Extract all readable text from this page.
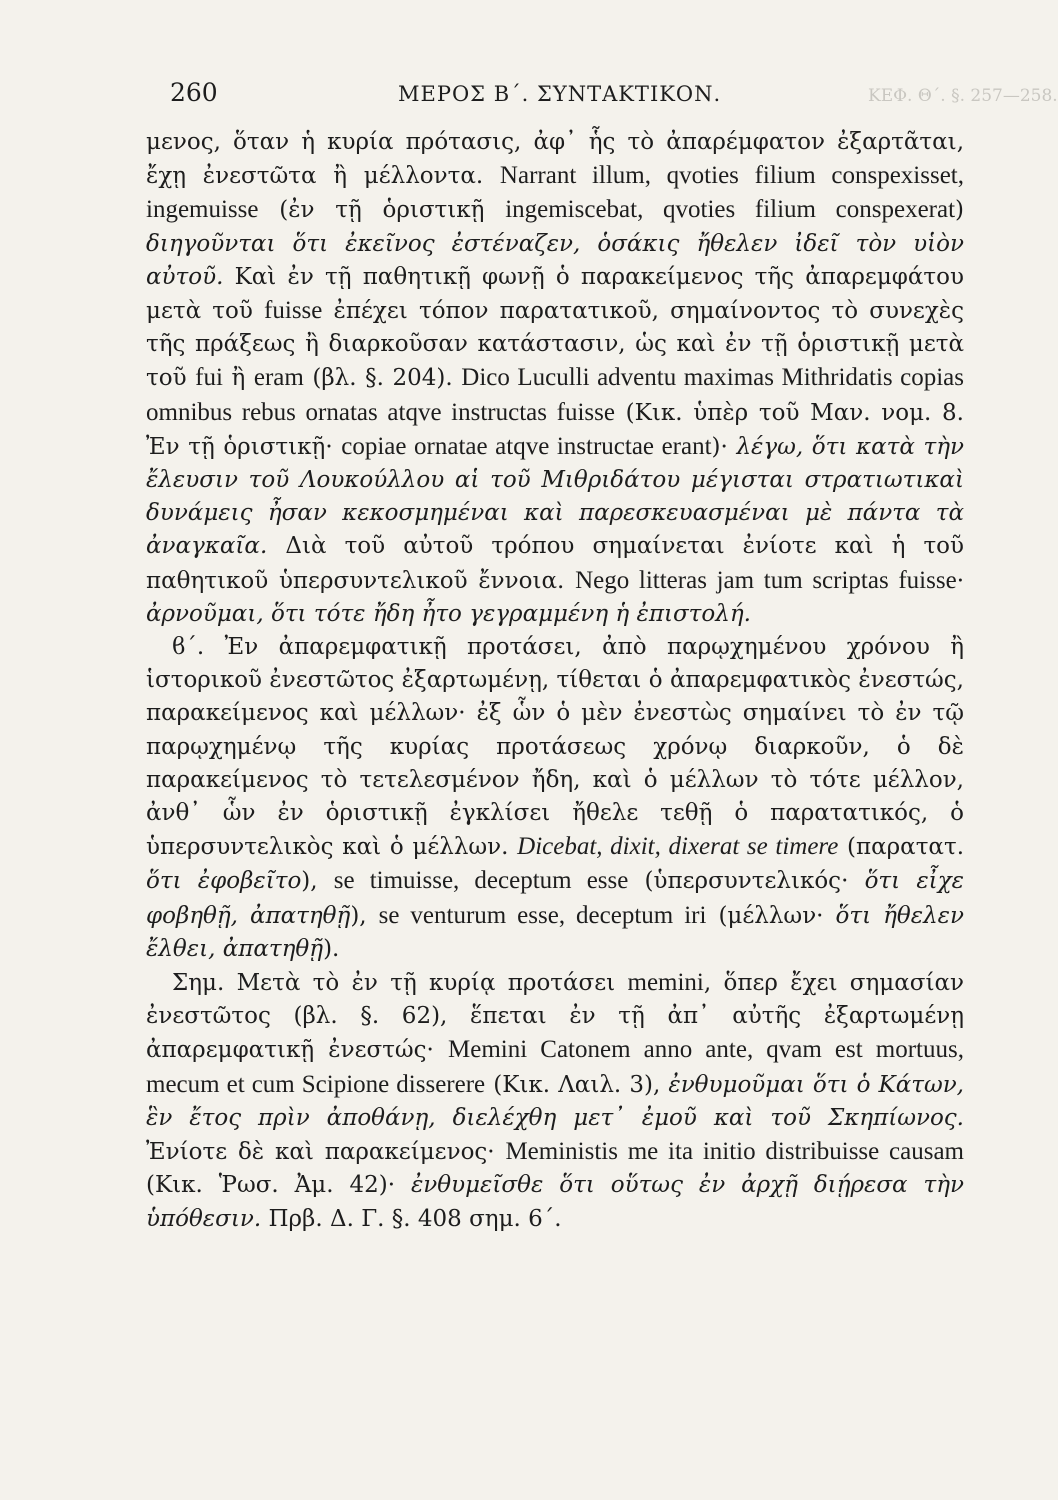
ΚΕΦ. Θ΄. §. 257—258.
260	ΜΕΡΟΣ Β΄. ΣΥΝΤΑΚΤΙΚΟΝ.

μενος, ὅταν ἡ κυρία πρότασις, ἀφ᾽ ἧς τὸ ἀπαρέμφατον ἐξαρτᾶται, ἔχῃ ἐνεστῶτα ἢ μέλλοντα. Narrant illum, qvoties filium conspexisset, ingemuisse (ἐν τῇ ὁριστικῇ ingemiscebat, qvoties filium conspexerat) διηγοῦνται ὅτι ἐκεῖνος ἐστέναζεν, ὁσάκις ἤθελεν ἰδεῖ τὸν υἱὸν αὐτοῦ. Καὶ ἐν τῇ παθητικῇ φωνῇ ὁ παρακείμενος τῆς ἀπαρεμφάτου μετὰ τοῦ fuisse ἐπέχει τόπον παρατατικοῦ, σημαίνοντος τὸ συνεχὲς τῆς πράξεως ἢ διαρκοῦσαν κατάστασιν, ὡς καὶ ἐν τῇ ὁριστικῇ μετὰ τοῦ fui ἢ eram (βλ. §. 204). Dico Luculli adventu maximas Mithridatis copias omnibus rebus ornatas atqve instructas fuisse (Κικ. ὑπὲρ τοῦ Μαν. νομ. 8. Ἐν τῇ ὁριστικῇ· copiae ornatae atqve instructae erant)· λέγω, ὅτι κατὰ τὴν ἔλευσιν τοῦ Λουκούλλου αἱ τοῦ Μιθριδάτου μέγισται στρατιωτικαὶ δυνάμεις ἦσαν κεκοσμημέναι καὶ παρεσκευασμέναι μὲ πάντα τὰ ἀναγκαῖα. Διὰ τοῦ αὐτοῦ τρόπου σημαίνεται ἐνίοτε καὶ ἡ τοῦ παθητικοῦ ὑπερσυντελικοῦ ἔννοια. Nego litteras jam tum scriptas fuisse· ἀρνοῦμαι, ὅτι τότε ἤδη ἦτο γεγραμμένη ἡ ἐπιστολή.

ϐ΄. Ἐν ἀπαρεμφατικῇ προτάσει, ἀπὸ παρῳχημένου χρόνου ἢ ἱστορικοῦ ἐνεστῶτος ἐξαρτωμένῃ, τίθεται ὁ ἀπαρεμφατικὸς ἐνεστώς, παρακείμενος καὶ μέλλων· ἐξ ὧν ὁ μὲν ἐνεστὼς σημαίνει τὸ ἐν τῷ παρῳχημένῳ τῆς κυρίας προτάσεως χρόνῳ διαρκοῦν, ὁ δὲ παρακείμενος τὸ τετελεσμένον ἤδη, καὶ ὁ μέλλων τὸ τότε μέλλον, ἀνθ᾽ ὧν ἐν ὁριστικῇ ἐγκλίσει ἤθελε τεθῇ ὁ παρατατικός, ὁ ὑπερσυντελικὸς καὶ ὁ μέλλων. Dicebat, dixit, dixerat se timere (παρατατ. ὅτι ἐφοβεῖτο), se timuisse, deceptum esse (ὑπερσυντελικός· ὅτι εἶχε φοβηθῇ, ἀπατηθῇ), se venturum esse, deceptum iri (μέλλων· ὅτι ἤθελεν ἔλθει, ἀπατηθῇ).

Σημ. Μετὰ τὸ ἐν τῇ κυρίᾳ προτάσει memini, ὅπερ ἔχει σημασίαν ἐνεστῶτος (βλ. §. 62), ἕπεται ἐν τῇ ἀπ᾽ αὐτῆς ἐξαρτωμένῃ ἀπαρεμφατικῇ ἐνεστώς· Memini Catonem anno ante, qvam est mortuus, mecum et cum Scipione disserere (Κικ. Λαιλ. 3), ἐνθυμοῦμαι ὅτι ὁ Κάτων, ἓν ἔτος πρὶν ἀποθάνῃ, διελέχθη μετ᾽ ἐμοῦ καὶ τοῦ Σκηπίωνος. Ἐνίοτε δὲ καὶ παρακείμενος· Meministis me ita initio distribuisse causam (Κικ. Ῥωσ. Ἀμ. 42)· ἐνθυμεῖσθε ὅτι οὕτως ἐν ἀρχῇ διῄρεσα τὴν ὑπόθεσιν. Πρβ. Δ. Γ. §. 408 σημ. 6΄.
